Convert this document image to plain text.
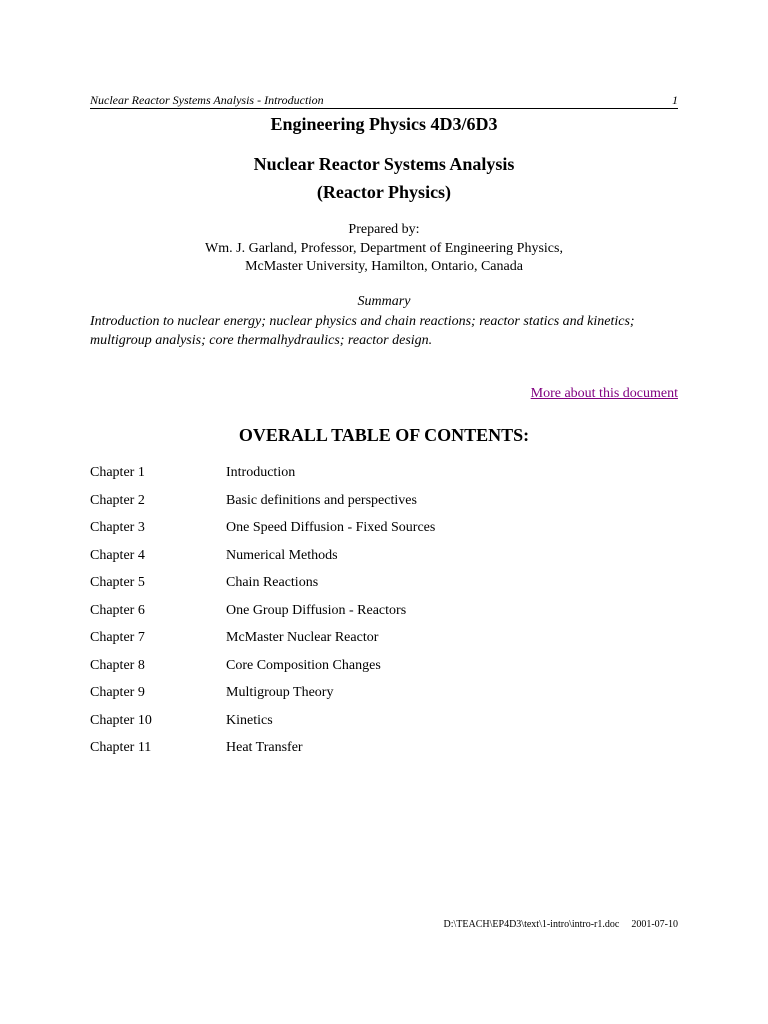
Nuclear Reactor Systems Analysis - Introduction	1
Engineering Physics 4D3/6D3
Nuclear Reactor Systems Analysis
(Reactor Physics)
Prepared by:
Wm. J. Garland, Professor, Department of Engineering Physics,
McMaster University, Hamilton, Ontario, Canada
Summary
Introduction to nuclear energy; nuclear physics and chain reactions; reactor statics and kinetics; multigroup analysis; core thermalhydraulics; reactor design.
More about this document
OVERALL TABLE OF CONTENTS:
Chapter 1	Introduction
Chapter 2	Basic definitions and perspectives
Chapter 3	One Speed Diffusion - Fixed Sources
Chapter 4	Numerical Methods
Chapter 5	Chain Reactions
Chapter 6	One Group Diffusion - Reactors
Chapter 7	McMaster Nuclear Reactor
Chapter 8	Core Composition Changes
Chapter 9	Multigroup Theory
Chapter 10	Kinetics
Chapter 11	Heat Transfer
D:\TEACH\EP4D3\text\1-intro\intro-r1.doc 2001-07-10
